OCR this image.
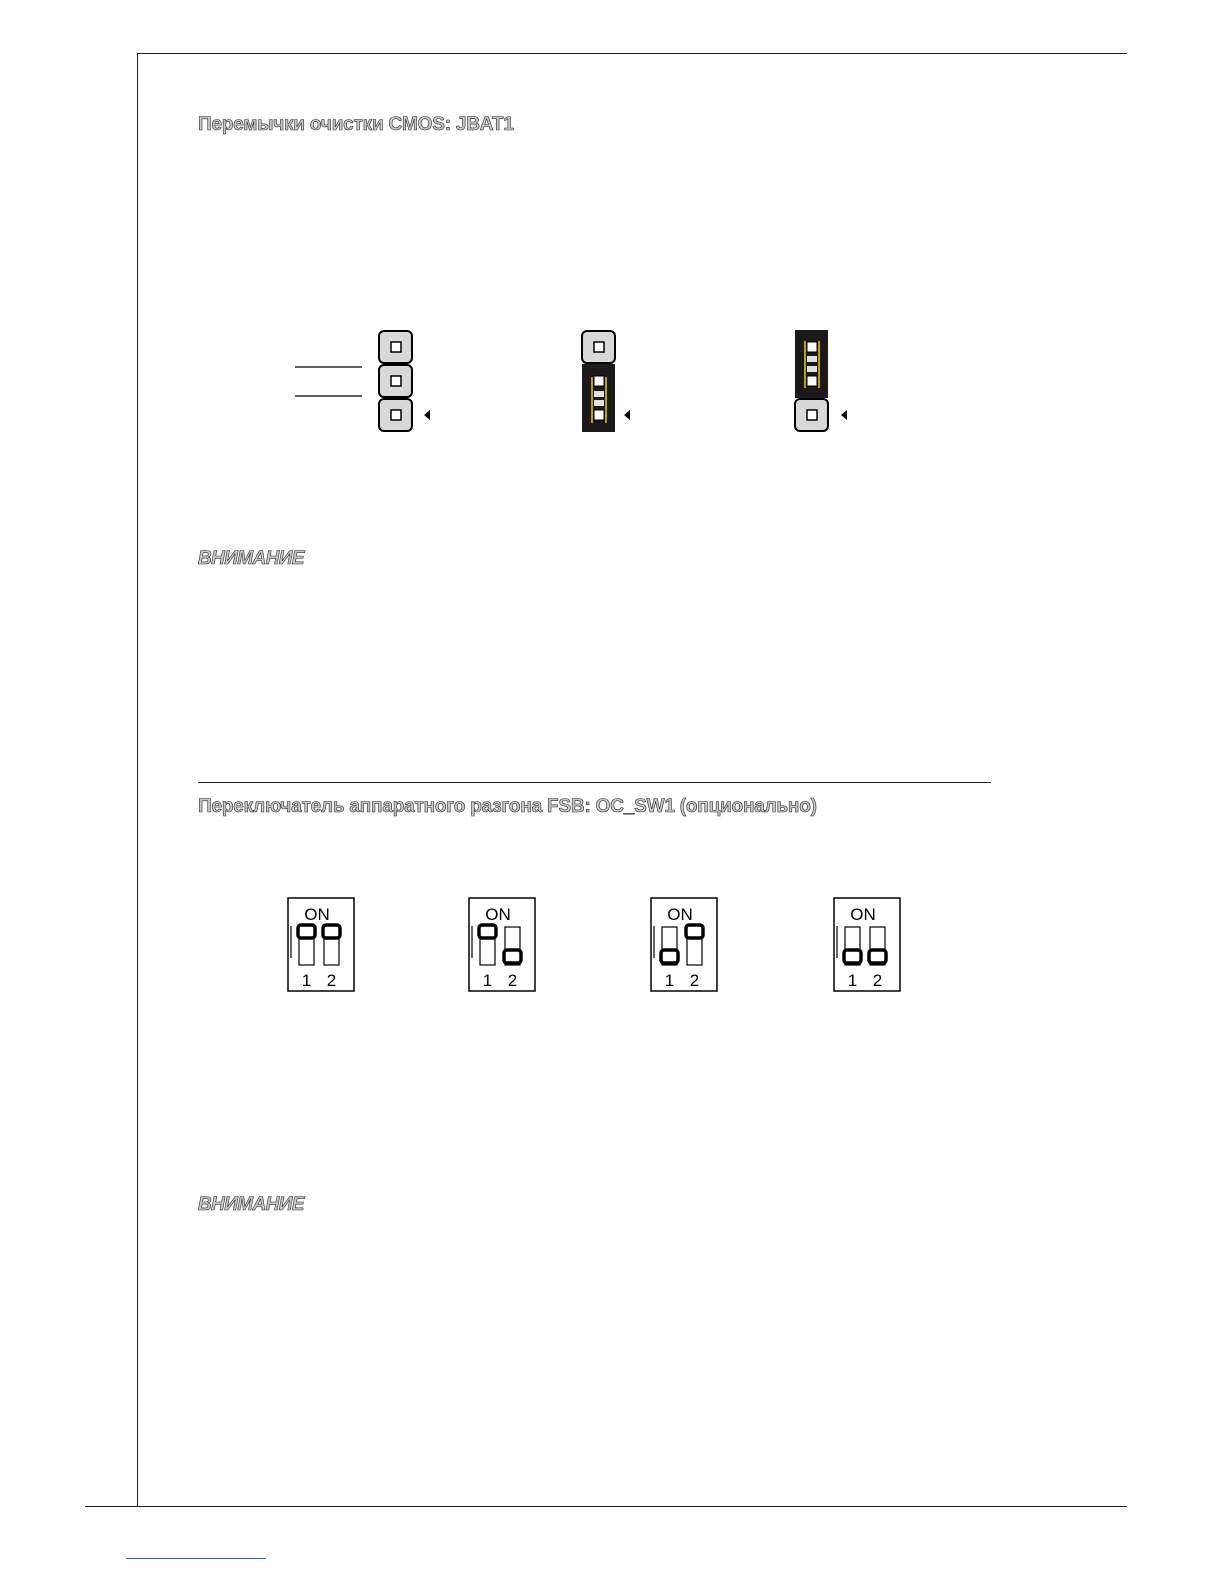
Перемычки очистки CMOS: JBAT1
ВНИМАНИЕ
Переключатель аппаратного разгона FSB: OC_SW1 (опционально)
ВНИМАНИЕ
ON
1 2
ON
1 2
ON
1 2
ON
1 2
